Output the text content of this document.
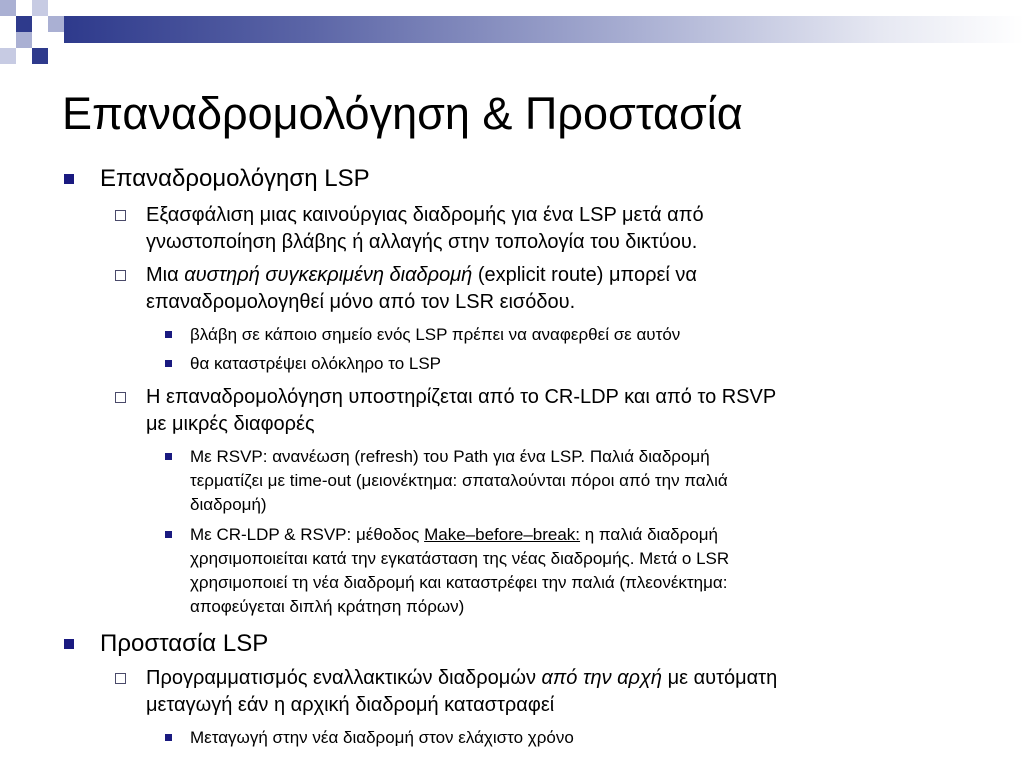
Επαναδρομολόγηση & Προστασία
Επαναδρομολόγηση LSP
Εξασφάλιση μιας καινούργιας διαδρομής για ένα LSP μετά από
γνωστοποίηση βλάβης ή αλλαγής στην τοπολογία του δικτύου.
Μια αυστηρή συγκεκριμένη διαδρομή (explicit route) μπορεί να
επαναδρομολογηθεί μόνο από τον LSR εισόδου.
βλάβη σε κάποιο σημείο ενός LSP πρέπει να αναφερθεί σε αυτόν
θα καταστρέψει ολόκληρο το LSP
Η επαναδρομολόγηση υποστηρίζεται από το CR-LDP και από το RSVP
με μικρές διαφορές
Με RSVP: ανανέωση (refresh) του Path για ένα LSP. Παλιά διαδρομή
τερματίζει με time-out (μειονέκτημα: σπαταλούνται πόροι από την παλιά
διαδρομή)
Με CR-LDP & RSVP: μέθοδος Make–before–break: η παλιά διαδρομή
χρησιμοποιείται κατά την εγκατάσταση της νέας διαδρομής. Μετά ο LSR
χρησιμοποιεί τη νέα διαδρομή και καταστρέφει την παλιά (πλεονέκτημα:
αποφεύγεται διπλή κράτηση πόρων)
Προστασία LSP
Προγραμματισμός εναλλακτικών διαδρομών από την αρχή με αυτόματη
μεταγωγή εάν η αρχική διαδρομή καταστραφεί
Μεταγωγή στην νέα διαδρομή στον ελάχιστο χρόνο
